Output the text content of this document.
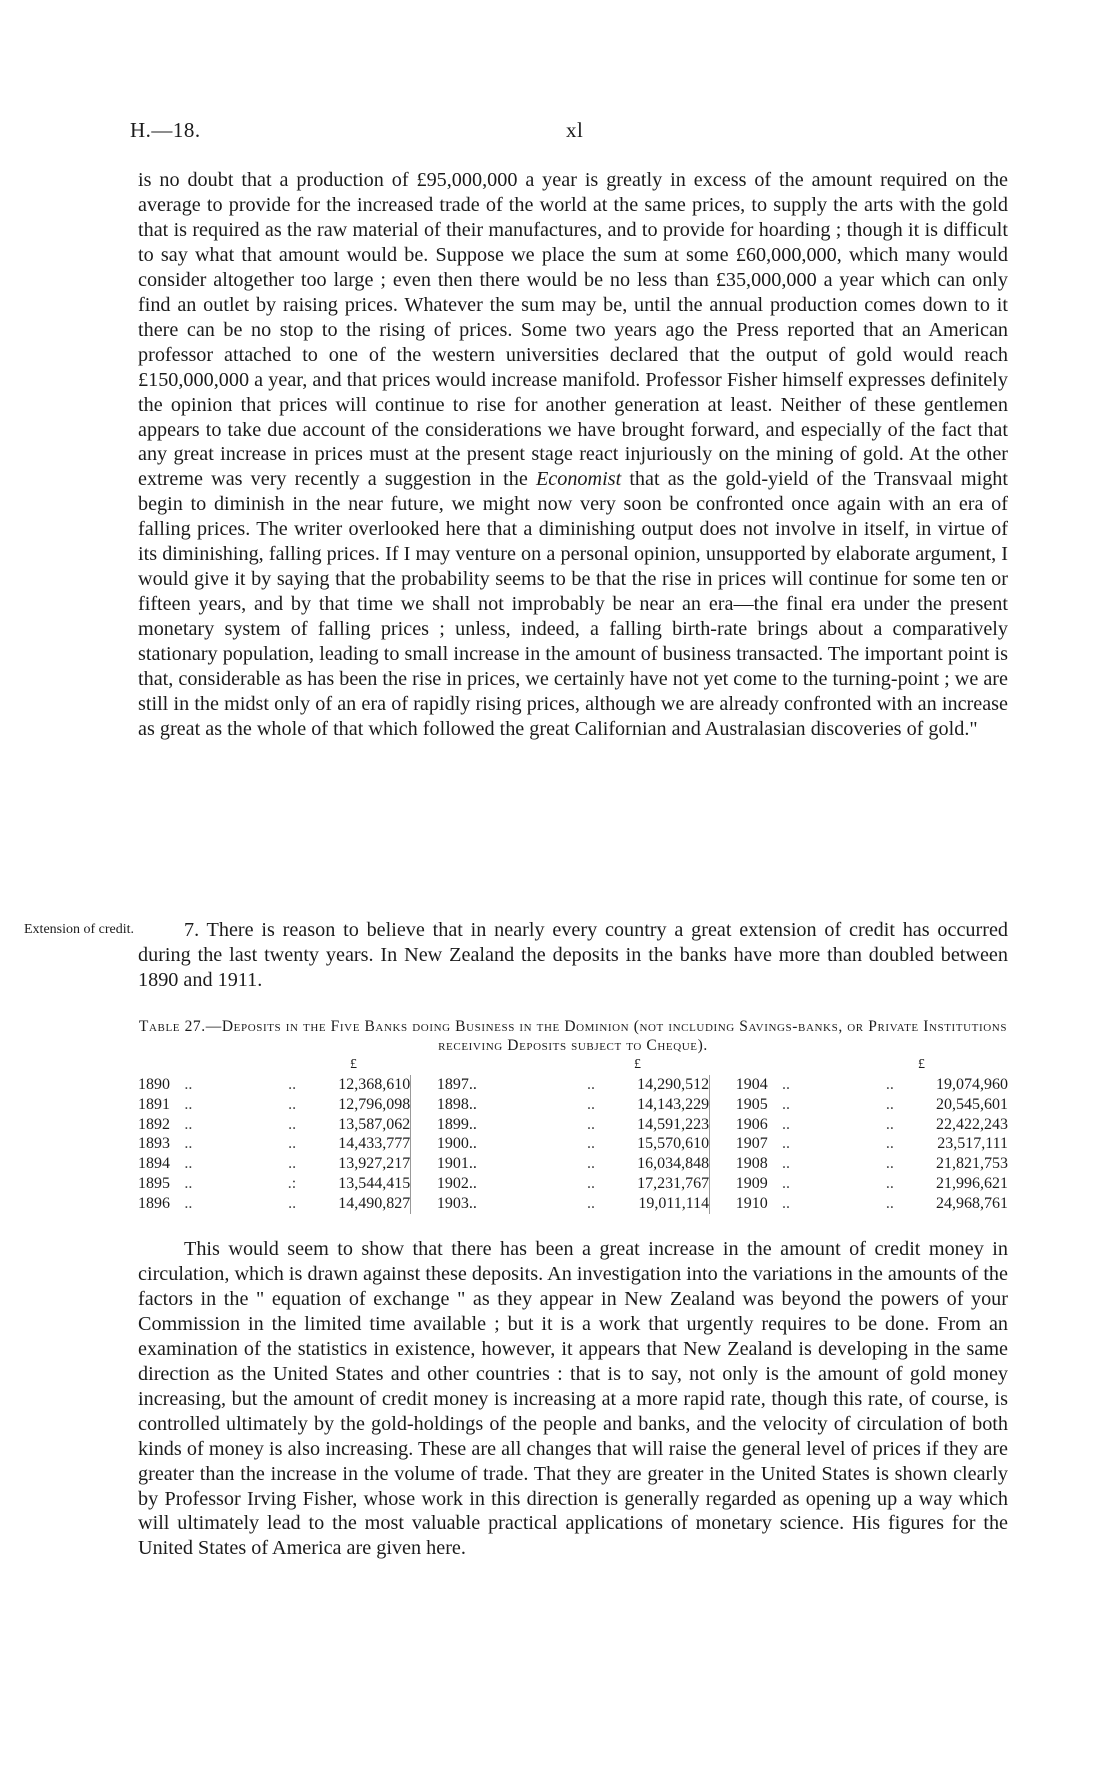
H.—18.	xl

is no doubt that a production of £95,000,000 a year is greatly in excess of the amount required on the average to provide for the increased trade of the world at the same prices, to supply the arts with the gold that is required as the raw material of their manufactures, and to provide for hoarding ; though it is difficult to say what that amount would be. Suppose we place the sum at some £60,000,000, which many would consider altogether too large ; even then there would be no less than £35,000,000 a year which can only find an outlet by raising prices. Whatever the sum may be, until the annual production comes down to it there can be no stop to the rising of prices. Some two years ago the Press reported that an American professor attached to one of the western universities declared that the output of gold would reach £150,000,000 a year, and that prices would increase manifold. Professor Fisher himself expresses definitely the opinion that prices will continue to rise for another generation at least. Neither of these gentlemen appears to take due account of the considerations we have brought forward, and especially of the fact that any great increase in prices must at the present stage react injuriously on the mining of gold. At the other extreme was very recently a suggestion in the Economist that as the gold-yield of the Transvaal might begin to diminish in the near future, we might now very soon be confronted once again with an era of falling prices. The writer overlooked here that a diminishing output does not involve in itself, in virtue of its diminishing, falling prices. If I may venture on a personal opinion, unsupported by elaborate argument, I would give it by saying that the probability seems to be that the rise in prices will continue for some ten or fifteen years, and by that time we shall not improbably be near an era—the final era under the present monetary system of falling prices ; unless, indeed, a falling birth-rate brings about a comparatively stationary population, leading to small increase in the amount of business transacted. The important point is that, considerable as has been the rise in prices, we certainly have not yet come to the turning-point ; we are still in the midst only of an era of rapidly rising prices, although we are already confronted with an increase as great as the whole of that which followed the great Californian and Australasian discoveries of gold."

Extension of credit.	7. There is reason to believe that in nearly every country a great extension of credit has occurred during the last twenty years. In New Zealand the deposits in the banks have more than doubled between 1890 and 1911.

Table 27.—Deposits in the Five Banks doing Business in the Dominion (not including Savings-banks, or Private Institutions receiving Deposits subject to Cheque).
£	£	£
1890	..	..	12,368,610		1897..		..	14,290,512		1904	..	..	19,074,960
1891	..	..	12,796,098		1898..		..	14,143,229		1905	..	..	20,545,601
1892	..	..	13,587,062		1899..		..	14,591,223		1906	..	..	22,422,243
1893	..	..	14,433,777		1900..		..	15,570,610		1907	..	..	23,517,111
1894	..	..	13,927,217		1901..		..	16,034,848		1908	..	..	21,821,753
1895	..	.:	13,544,415		1902..		..	17,231,767		1909	..	..	21,996,621
1896	..	..	14,490,827		1903..		..	19,011,114		1910	..	..	24,968,761

This would seem to show that there has been a great increase in the amount of credit money in circulation, which is drawn against these deposits. An investigation into the variations in the amounts of the factors in the " equation of exchange " as they appear in New Zealand was beyond the powers of your Commission in the limited time available ; but it is a work that urgently requires to be done. From an examination of the statistics in existence, however, it appears that New Zealand is developing in the same direction as the United States and other countries : that is to say, not only is the amount of gold money increasing, but the amount of credit money is increasing at a more rapid rate, though this rate, of course, is controlled ultimately by the gold-holdings of the people and banks, and the velocity of circulation of both kinds of money is also increasing. These are all changes that will raise the general level of prices if they are greater than the increase in the volume of trade. That they are greater in the United States is shown clearly by Professor Irving Fisher, whose work in this direction is generally regarded as opening up a way which will ultimately lead to the most valuable practical applications of monetary science. His figures for the United States of America are given here.
